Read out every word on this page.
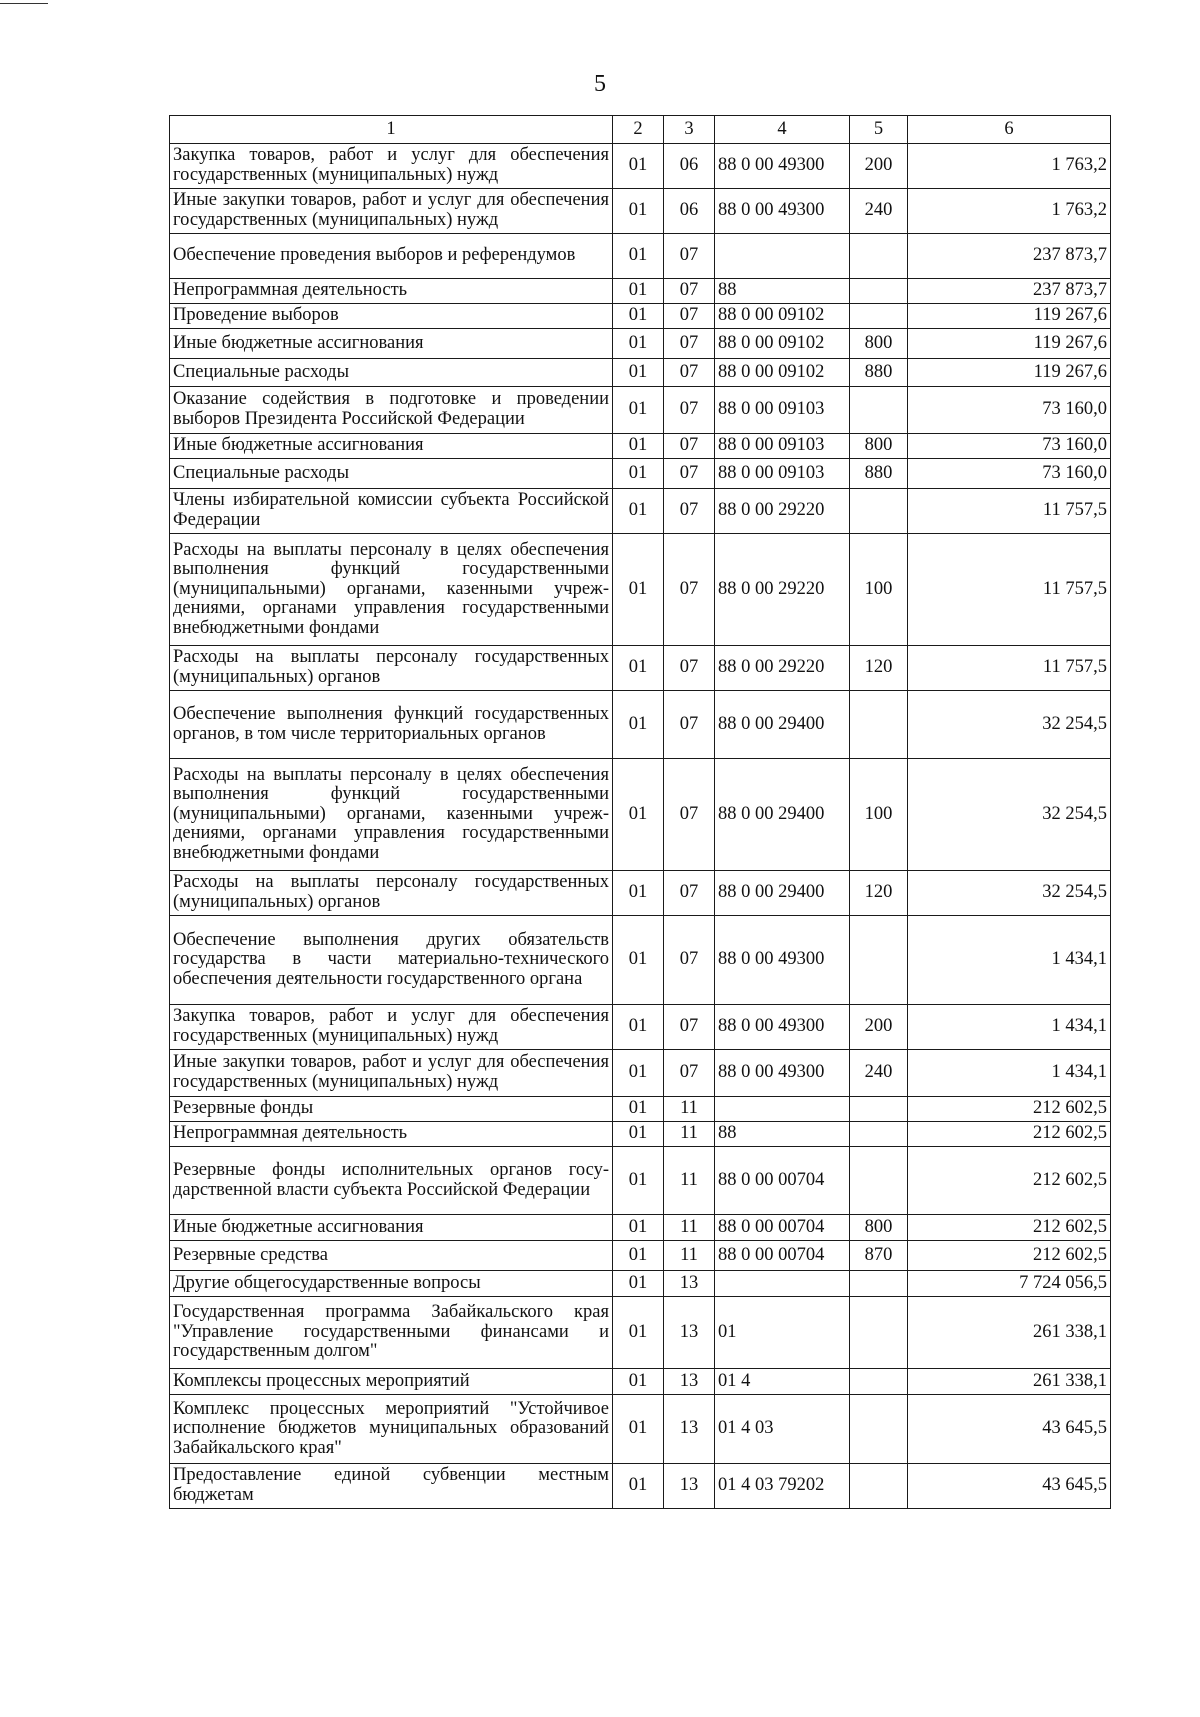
5
1	2	3	4	5	6
Закупка товаров, работ и услуг для обеспечения государственных (муниципальных) нужд	01	06	88 0 00 49300	200	1 763,2
Иные закупки товаров, работ и услуг для обеспечения государственных (муниципальных) нужд	01	06	88 0 00 49300	240	1 763,2
Обеспечение проведения выборов и референдумов	01	07			237 873,7
Непрограммная деятельность	01	07	88		237 873,7
Проведение выборов	01	07	88 0 00 09102		119 267,6
Иные бюджетные ассигнования	01	07	88 0 00 09102	800	119 267,6
Специальные расходы	01	07	88 0 00 09102	880	119 267,6
Оказание содействия в подготовке и проведении выборов Президента Российской Федерации	01	07	88 0 00 09103		73 160,0
Иные бюджетные ассигнования	01	07	88 0 00 09103	800	73 160,0
Специальные расходы	01	07	88 0 00 09103	880	73 160,0
Члены избирательной комиссии субъекта Российской Федерации	01	07	88 0 00 29220		11 757,5
Расходы на выплаты персоналу в целях обеспечения выполнения функций государственными (муниципальными) органами, казенными учреждениями, органами управления государственными внебюджетными фондами	01	07	88 0 00 29220	100	11 757,5
Расходы на выплаты персоналу государственных (муниципальных) органов	01	07	88 0 00 29220	120	11 757,5
Обеспечение выполнения функций государственных органов, в том числе территориальных органов	01	07	88 0 00 29400		32 254,5
Расходы на выплаты персоналу в целях обеспечения выполнения функций государственными (муниципальными) органами, казенными учреждениями, органами управления государственными внебюджетными фондами	01	07	88 0 00 29400	100	32 254,5
Расходы на выплаты персоналу государственных (муниципальных) органов	01	07	88 0 00 29400	120	32 254,5
Обеспечение выполнения других обязательств государства в части материально-технического обеспечения деятельности государственного органа	01	07	88 0 00 49300		1 434,1
Закупка товаров, работ и услуг для обеспечения государственных (муниципальных) нужд	01	07	88 0 00 49300	200	1 434,1
Иные закупки товаров, работ и услуг для обеспечения государственных (муниципальных) нужд	01	07	88 0 00 49300	240	1 434,1
Резервные фонды	01	11			212 602,5
Непрограммная деятельность	01	11	88		212 602,5
Резервные фонды исполнительных органов государственной власти субъекта Российской Федерации	01	11	88 0 00 00704		212 602,5
Иные бюджетные ассигнования	01	11	88 0 00 00704	800	212 602,5
Резервные средства	01	11	88 0 00 00704	870	212 602,5
Другие общегосударственные вопросы	01	13			7 724 056,5
Государственная программа Забайкальского края "Управление государственными финансами и государственным долгом"	01	13	01		261 338,1
Комплексы процессных мероприятий	01	13	01 4		261 338,1
Комплекс процессных мероприятий "Устойчивое исполнение бюджетов муниципальных образований Забайкальского края"	01	13	01 4 03		43 645,5
Предоставление единой субвенции местным бюджетам	01	13	01 4 03 79202		43 645,5
